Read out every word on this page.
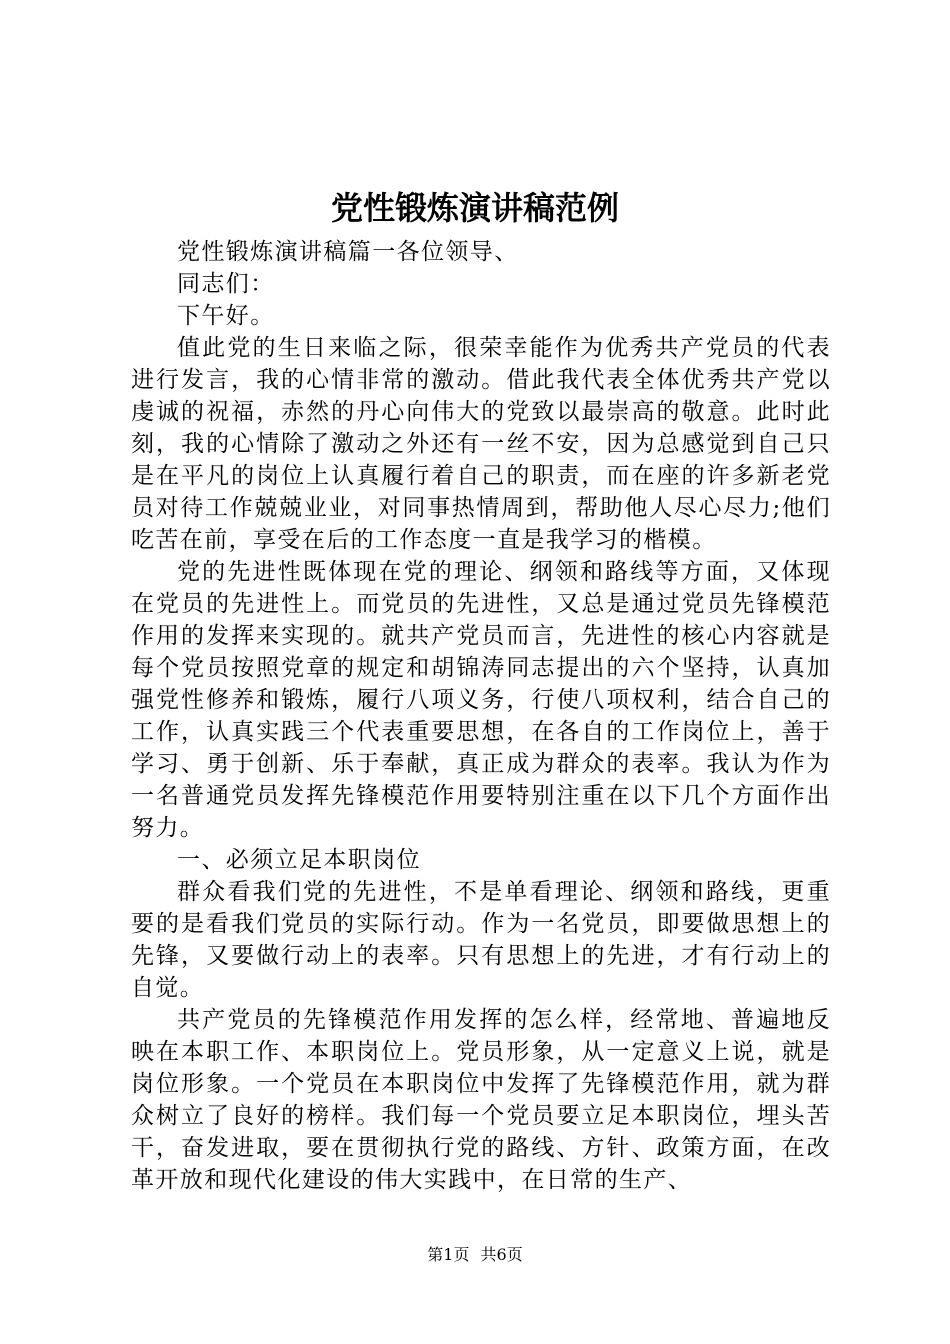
党性锻炼演讲稿范例

党性锻炼演讲稿篇一各位领导、

同志们：

下午好。

值此党的生日来临之际，很荣幸能作为优秀共产党员的代表进行发言，我的心情非常的激动。借此我代表全体优秀共产党以虔诚的祝福，赤然的丹心向伟大的党致以最崇高的敬意。此时此刻，我的心情除了激动之外还有一丝不安，因为总感觉到自己只是在平凡的岗位上认真履行着自己的职责，而在座的许多新老党员对待工作兢兢业业，对同事热情周到，帮助他人尽心尽力;他们吃苦在前，享受在后的工作态度一直是我学习的楷模。

党的先进性既体现在党的理论、纲领和路线等方面，又体现在党员的先进性上。而党员的先进性，又总是通过党员先锋模范作用的发挥来实现的。就共产党员而言，先进性的核心内容就是每个党员按照党章的规定和胡锦涛同志提出的六个坚持，认真加强党性修养和锻炼，履行八项义务，行使八项权利，结合自己的工作，认真实践三个代表重要思想，在各自的工作岗位上，善于学习、勇于创新、乐于奉献，真正成为群众的表率。我认为作为一名普通党员发挥先锋模范作用要特别注重在以下几个方面作出努力。

一、必须立足本职岗位

群众看我们党的先进性，不是单看理论、纲领和路线，更重要的是看我们党员的实际行动。作为一名党员，即要做思想上的先锋，又要做行动上的表率。只有思想上的先进，才有行动上的自觉。

共产党员的先锋模范作用发挥的怎么样，经常地、普遍地反映在本职工作、本职岗位上。党员形象，从一定意义上说，就是岗位形象。一个党员在本职岗位中发挥了先锋模范作用，就为群众树立了良好的榜样。我们每一个党员要立足本职岗位，埋头苦干，奋发进取，要在贯彻执行党的路线、方针、政策方面，在改革开放和现代化建设的伟大实践中，在日常的生产、

第1页 共6页
